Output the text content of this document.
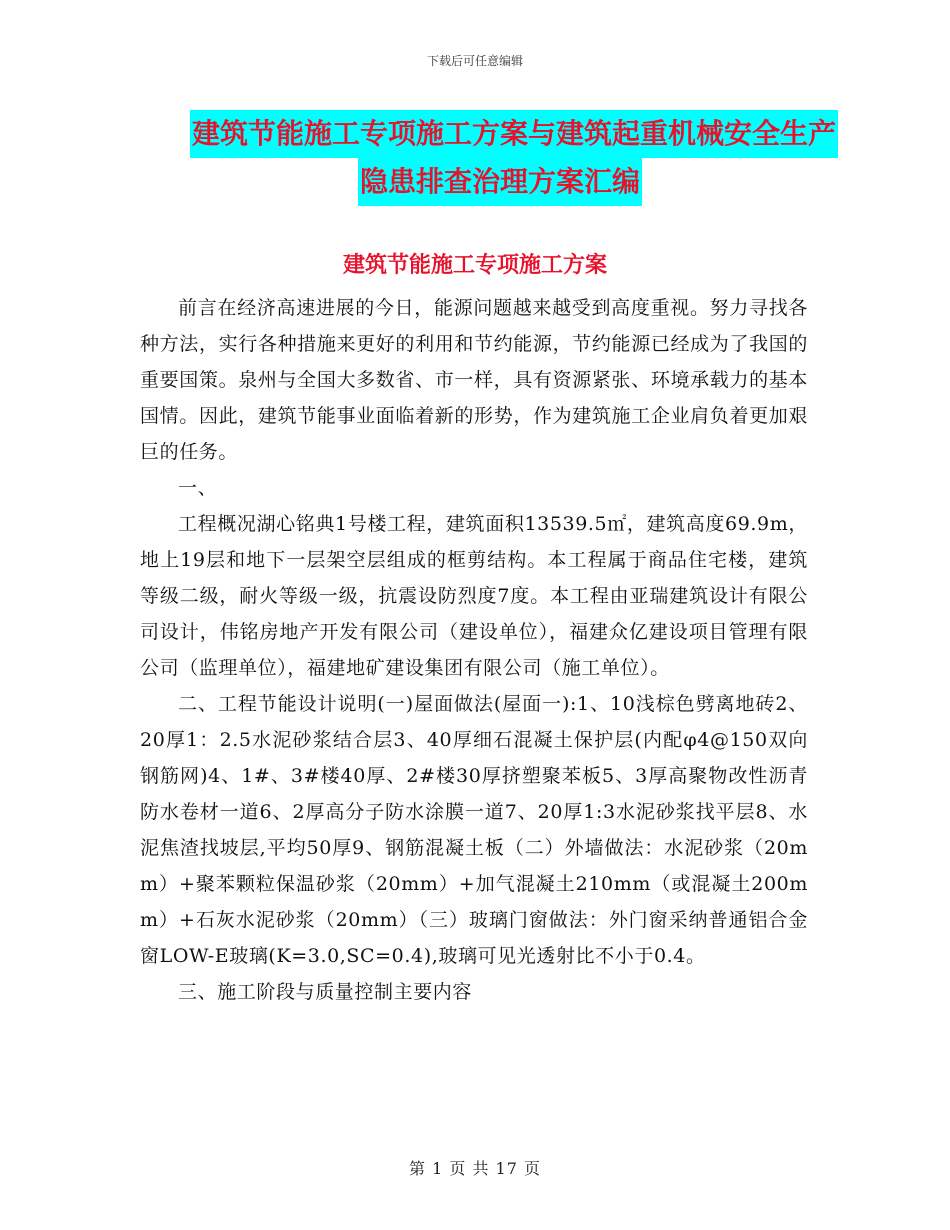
下载后可任意编辑
建筑节能施工专项施工方案与建筑起重机械安全生产
隐患排查治理方案汇编
建筑节能施工专项施工方案

前言在经济高速进展的今日，能源问题越来越受到高度重视。努力寻找各种方法，实行各种措施来更好的利用和节约能源，节约能源已经成为了我国的重要国策。泉州与全国大多数省、市一样，具有资源紧张、环境承载力的基本国情。因此，建筑节能事业面临着新的形势，作为建筑施工企业肩负着更加艰巨的任务。

一、

工程概况湖心铭典1号楼工程，建筑面积13539.5㎡，建筑高度69.9m，地上19层和地下一层架空层组成的框剪结构。本工程属于商品住宅楼，建筑等级二级，耐火等级一级，抗震设防烈度7度。本工程由亚瑞建筑设计有限公司设计，伟铭房地产开发有限公司（建设单位），福建众亿建设项目管理有限公司（监理单位），福建地矿建设集团有限公司（施工单位）。

二、工程节能设计说明(一)屋面做法(屋面一):1、10浅棕色劈离地砖2、20厚1：2.5水泥砂浆结合层3、40厚细石混凝土保护层(内配φ4@150双向钢筋网)4、1#、3#楼40厚、2#楼30厚挤塑聚苯板5、3厚高聚物改性沥青防水卷材一道6、2厚高分子防水涂膜一道7、20厚1:3水泥砂浆找平层8、水泥焦渣找坡层,平均50厚9、钢筋混凝土板（二）外墙做法：水泥砂浆（20mm）+聚苯颗粒保温砂浆（20mm）+加气混凝土210mm（或混凝土200mm）+石灰水泥砂浆（20mm）（三）玻璃门窗做法：外门窗采纳普通铝合金窗LOW-E玻璃(K=3.0,SC=0.4),玻璃可见光透射比不小于0.4。

三、施工阶段与质量控制主要内容

第 1 页 共 17 页
